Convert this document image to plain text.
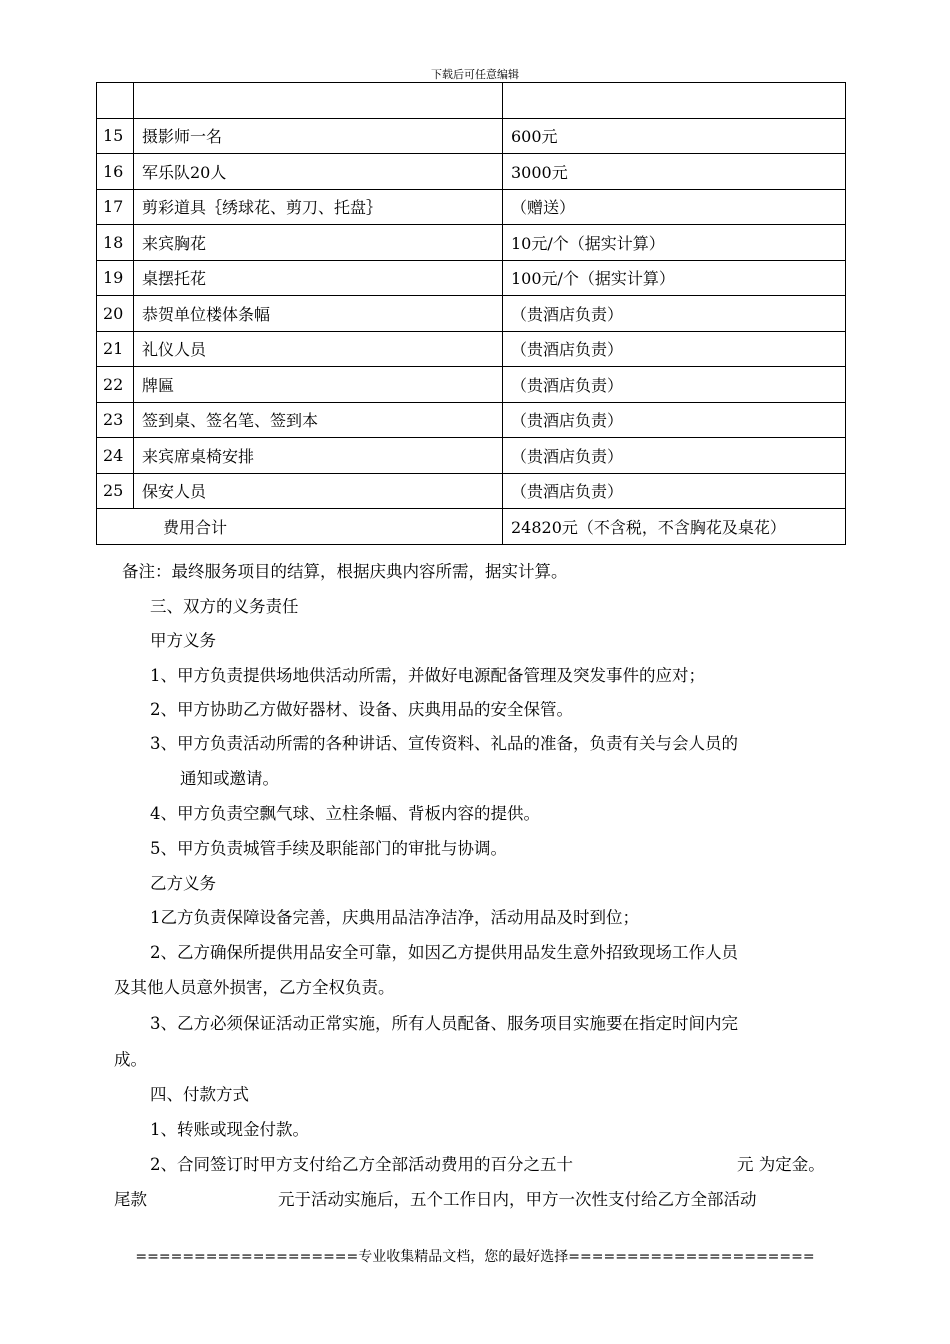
下载后可任意编辑

15	摄影师一名	600元
16	军乐队20人	3000元
17	剪彩道具｛绣球花、剪刀、托盘｝	（赠送）
18	来宾胸花	10元/个（据实计算）
19	桌摆托花	100元/个（据实计算）
20	恭贺单位楼体条幅	（贵酒店负责）
21	礼仪人员	（贵酒店负责）
22	牌匾	（贵酒店负责）
23	签到桌、签名笔、签到本	（贵酒店负责）
24	来宾席桌椅安排	（贵酒店负责）
25	保安人员	（贵酒店负责）
费用合计		24820元（不含税，不含胸花及桌花）
备注：最终服务项目的结算，根据庆典内容所需，据实计算。
三、双方的义务责任
甲方义务
1、甲方负责提供场地供活动所需，并做好电源配备管理及突发事件的应对；
2、甲方协助乙方做好器材、设备、庆典用品的安全保管。
3、甲方负责活动所需的各种讲话、宣传资料、礼品的准备，负责有关与会人员的
通知或邀请。
4、甲方负责空飘气球、立柱条幅、背板内容的提供。
5、甲方负责城管手续及职能部门的审批与协调。
乙方义务
1乙方负责保障设备完善，庆典用品洁净洁净，活动用品及时到位；
2、乙方确保所提供用品安全可靠，如因乙方提供用品发生意外招致现场工作人员
及其他人员意外损害，乙方全权负责。
3、乙方必须保证活动正常实施，所有人员配备、服务项目实施要在指定时间内完
成。
四、付款方式
1、转账或现金付款。
2、合同签订时甲方支付给乙方全部活动费用的百分之五十	元 为定金。
尾款	元于活动实施后，五个工作日内，甲方一次性支付给乙方全部活动
===================专业收集精品文档，您的最好选择=====================
